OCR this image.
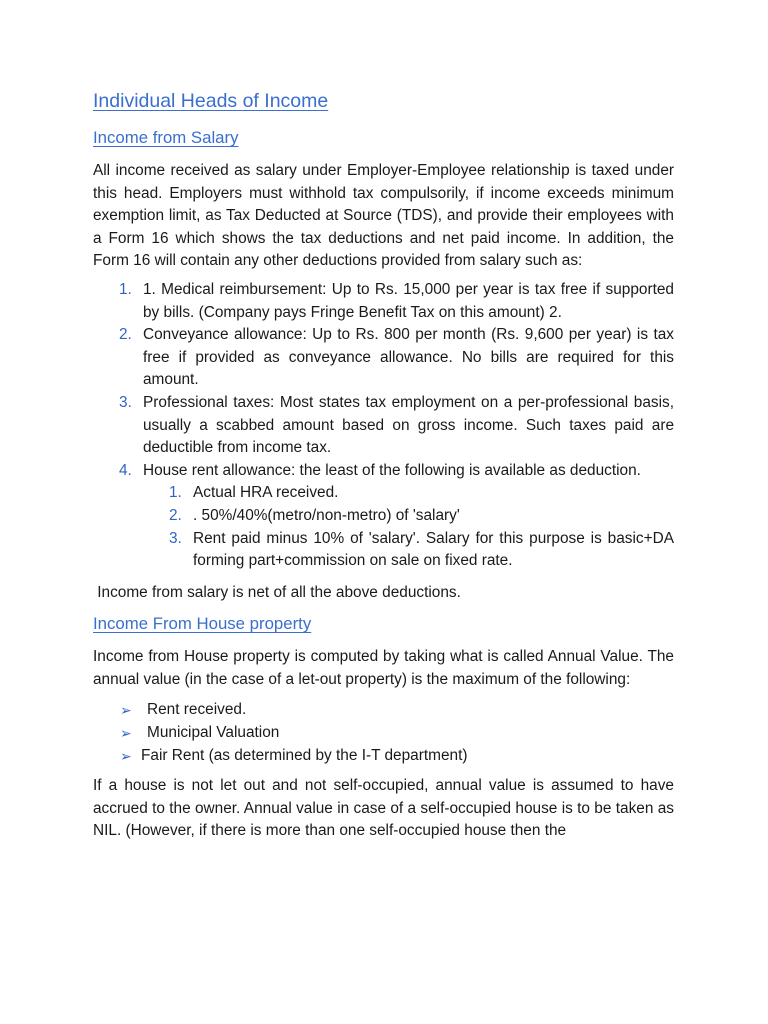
Individual Heads of Income
Income from Salary

All income received as salary under Employer-Employee relationship is taxed under this head. Employers must withhold tax compulsorily, if income exceeds minimum exemption limit, as Tax Deducted at Source (TDS), and provide their employees with a Form 16 which shows the tax deductions and net paid income. In addition, the Form 16 will contain any other deductions provided from salary such as:

1. 1. Medical reimbursement: Up to Rs. 15,000 per year is tax free if supported by bills. (Company pays Fringe Benefit Tax on this amount) 2.
2. Conveyance allowance: Up to Rs. 800 per month (Rs. 9,600 per year) is tax free if provided as conveyance allowance. No bills are required for this amount.
3. Professional taxes: Most states tax employment on a per-professional basis, usually a scabbed amount based on gross income. Such taxes paid are deductible from income tax.
4. House rent allowance: the least of the following is available as deduction.
1. Actual HRA received.
2. . 50%/40%(metro/non-metro) of 'salary'
3. Rent paid minus 10% of 'salary'. Salary for this purpose is basic+DA forming part+commission on sale on fixed rate.

Income from salary is net of all the above deductions.

Income From House property

Income from House property is computed by taking what is called Annual Value. The annual value (in the case of a let-out property) is the maximum of the following:

➢ Rent received.
➢ Municipal Valuation
➢ Fair Rent (as determined by the I-T department)

If a house is not let out and not self-occupied, annual value is assumed to have accrued to the owner. Annual value in case of a self-occupied house is to be taken as NIL. (However, if there is more than one self-occupied house then the
